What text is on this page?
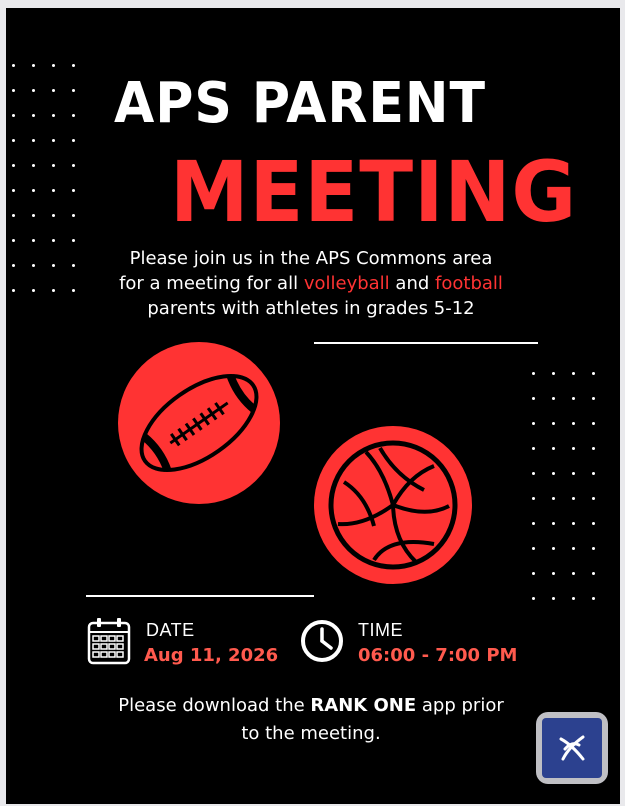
APS PARENT
MEETING
Please join us in the APS Commons area
for a meeting for all volleyball and football
parents with athletes in grades 5-12
DATE
Aug 11, 2026
TIME
06:00 - 7:00 PM
Please download the RANK ONE app prior
to the meeting.
